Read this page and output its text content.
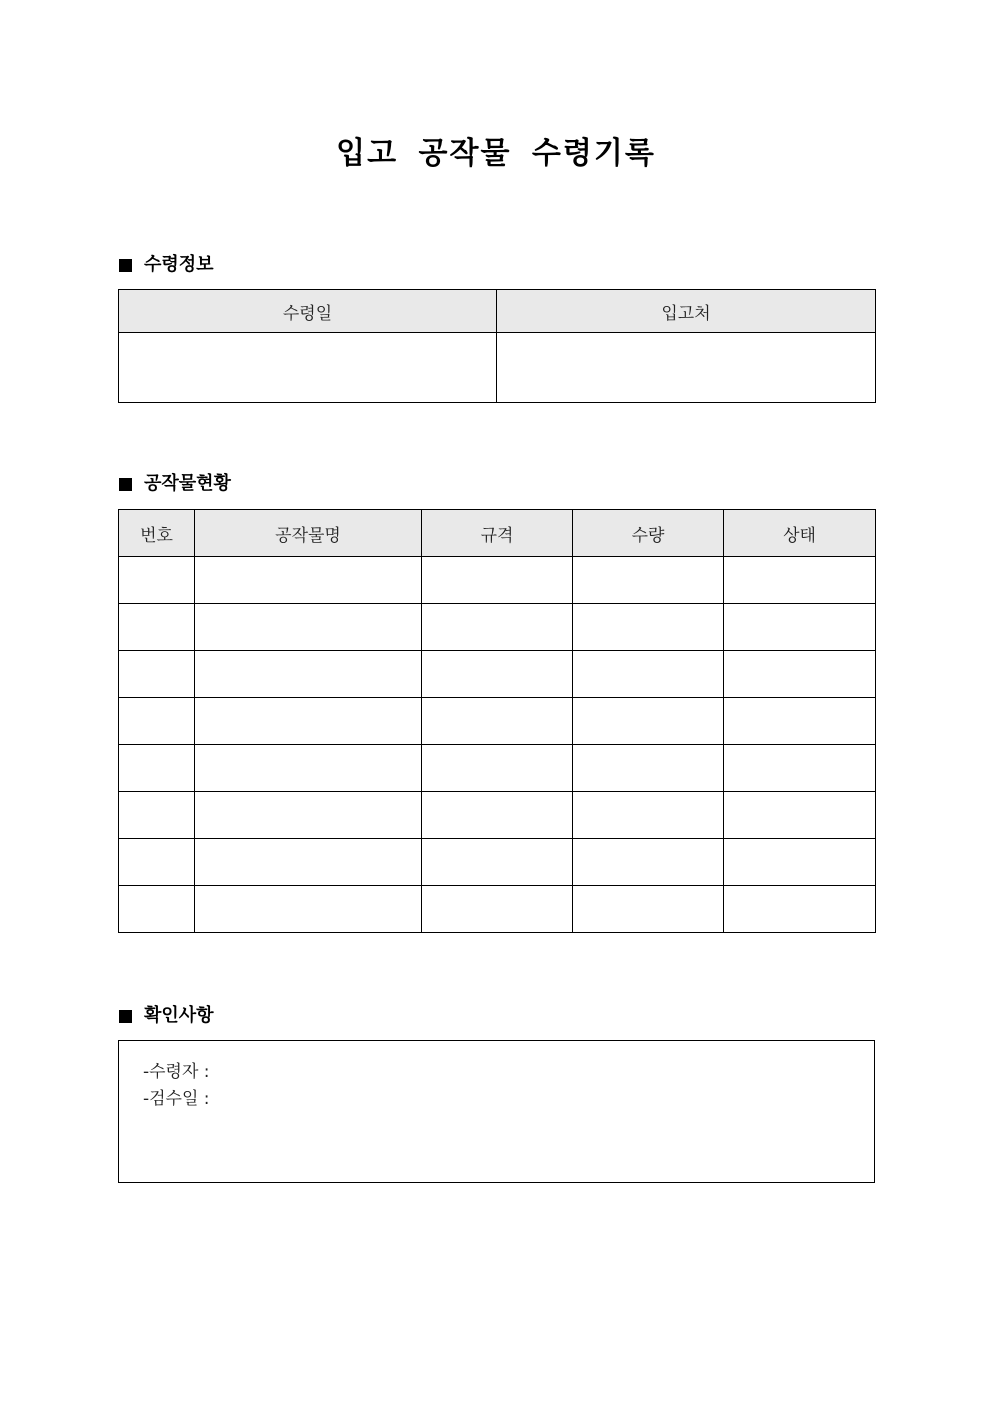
입고 공작물 수령기록
수령정보
수령일	입고처

공작물현황
번호	공작물명	규격	수량	상태

확인사항
-수령자 :
-검수일 :
